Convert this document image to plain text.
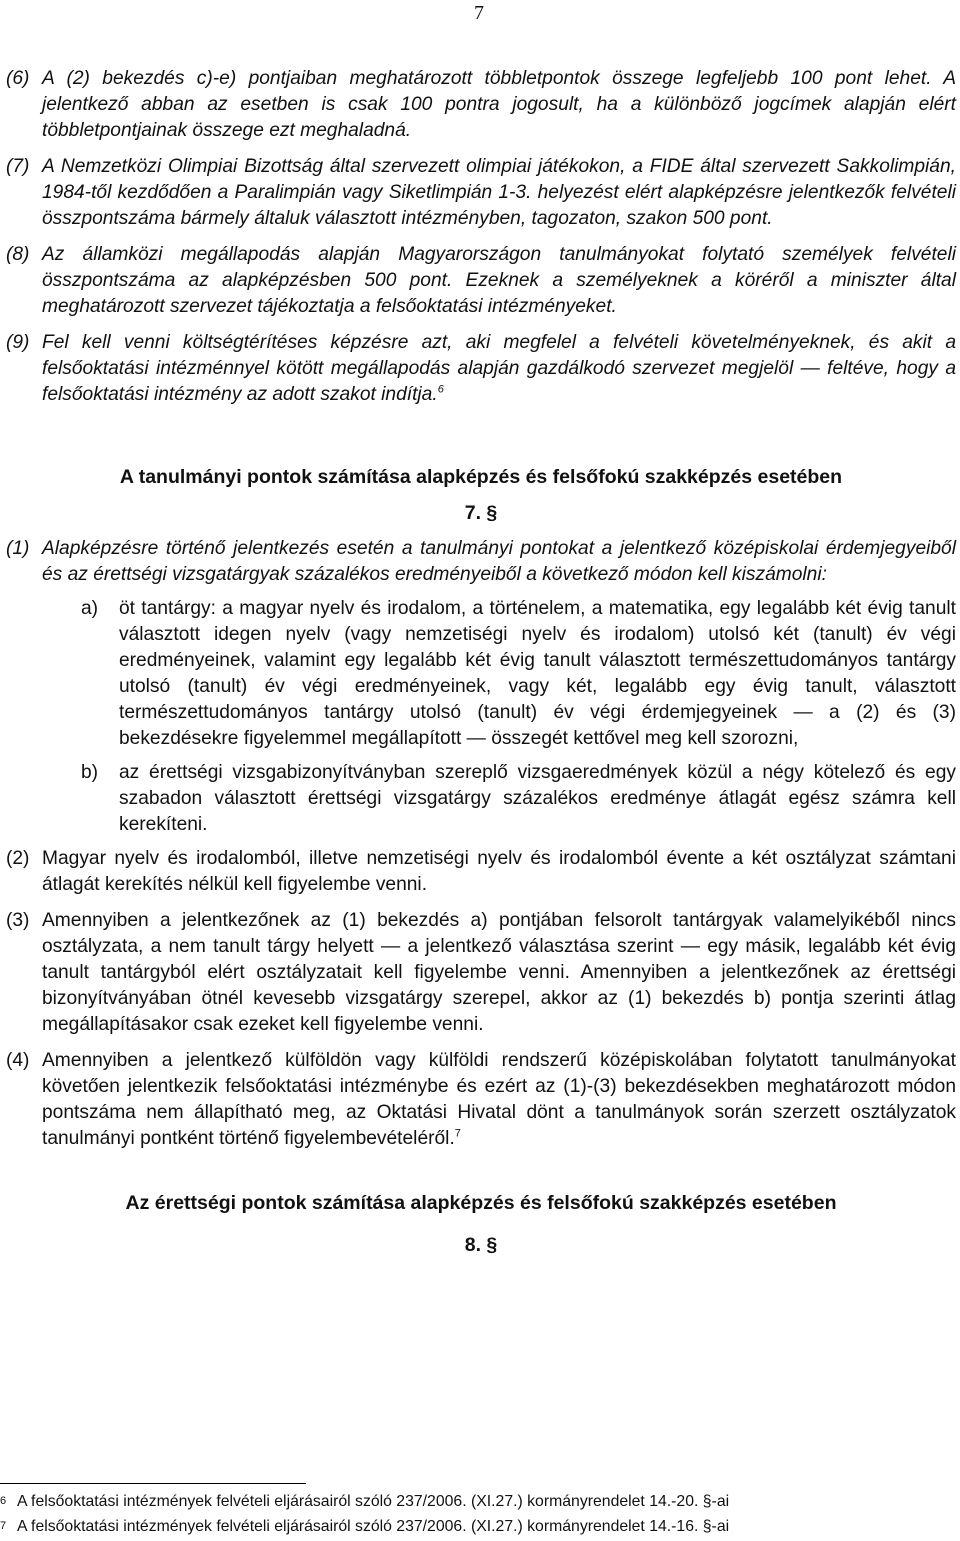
7
(6) A (2) bekezdés c)-e) pontjaiban meghatározott többletpontok összege legfeljebb 100 pont lehet. A jelentkező abban az esetben is csak 100 pontra jogosult, ha a különböző jogcímek alapján elért többletpontjainak összege ezt meghaladná.
(7) A Nemzetközi Olimpiai Bizottság által szervezett olimpiai játékokon, a FIDE által szervezett Sakkolimpián, 1984-től kezdődően a Paralimpián vagy Siketlimpián 1-3. helyezést elért alapképzésre jelentkezők felvételi összpontszáma bármely általuk választott intézményben, tagozaton, szakon 500 pont.
(8) Az államközi megállapodás alapján Magyarországon tanulmányokat folytató személyek felvételi összpontszáma az alapképzésben 500 pont. Ezeknek a személyeknek a köréről a miniszter által meghatározott szervezet tájékoztatja a felsőoktatási intézményeket.
(9) Fel kell venni költségtérítéses képzésre azt, aki megfelel a felvételi követelményeknek, és akit a felsőoktatási intézménnyel kötött megállapodás alapján gazdálkodó szervezet megjelöl — feltéve, hogy a felsőoktatási intézmény az adott szakot indítja.$^6$
A tanulmányi pontok számítása alapképzés és felsőfokú szakképzés esetében
7. §
(1) Alapképzésre történő jelentkezés esetén a tanulmányi pontokat a jelentkező középiskolai érdemjegyeiből és az érettségi vizsgatárgyak százalékos eredményeiből a következő módon kell kiszámolni:
a)	öt tantárgy: a magyar nyelv és irodalom, a történelem, a matematika, egy legalább két évig tanult választott idegen nyelv (vagy nemzetiségi nyelv és irodalom) utolsó két (tanult) év végi eredményeinek, valamint egy legalább két évig tanult választott természettudományos tantárgy utolsó (tanult) év végi eredményeinek, vagy két, legalább egy évig tanult, választott természettudományos tantárgy utolsó (tanult) év végi érdemjegyeinek — a (2) és (3) bekezdésekre figyelemmel megállapított — összegét kettővel meg kell szorozni,
b)	az érettségi vizsgabizonyítványban szereplő vizsgaeredmények közül a négy kötelező és egy szabadon választott érettségi vizsgatárgy százalékos eredménye átlagát egész számra kell kerekíteni.
(2) Magyar nyelv és irodalomból, illetve nemzetiségi nyelv és irodalomból évente a két osztályzat számtani átlagát kerekítés nélkül kell figyelembe venni.
(3) Amennyiben a jelentkezőnek az (1) bekezdés a) pontjában felsorolt tantárgyak valamelyikéből nincs osztályzata, a nem tanult tárgy helyett — a jelentkező választása szerint — egy másik, legalább két évig tanult tantárgyból elért osztályzatait kell figyelembe venni. Amennyiben a jelentkezőnek az érettségi bizonyítványában ötnél kevesebb vizsgatárgy szerepel, akkor az (1) bekezdés b) pontja szerinti átlag megállapításakor csak ezeket kell figyelembe venni.
(4) Amennyiben a jelentkező külföldön vagy külföldi rendszerű középiskolában folytatott tanulmányokat követően jelentkezik felsőoktatási intézménybe és ezért az (1)-(3) bekezdésekben meghatározott módon pontszáma nem állapítható meg, az Oktatási Hivatal dönt a tanulmányok során szerzett osztályzatok tanulmányi pontként történő figyelembevételéről.$^7$
Az érettségi pontok számítása alapképzés és felsőfokú szakképzés esetében
8. §
6 A felsőoktatási intézmények felvételi eljárásairól szóló 237/2006. (XI.27.) kormányrendelet 14.-20. §-ai
7 A felsőoktatási intézmények felvételi eljárásairól szóló 237/2006. (XI.27.) kormányrendelet 14.-16. §-ai
